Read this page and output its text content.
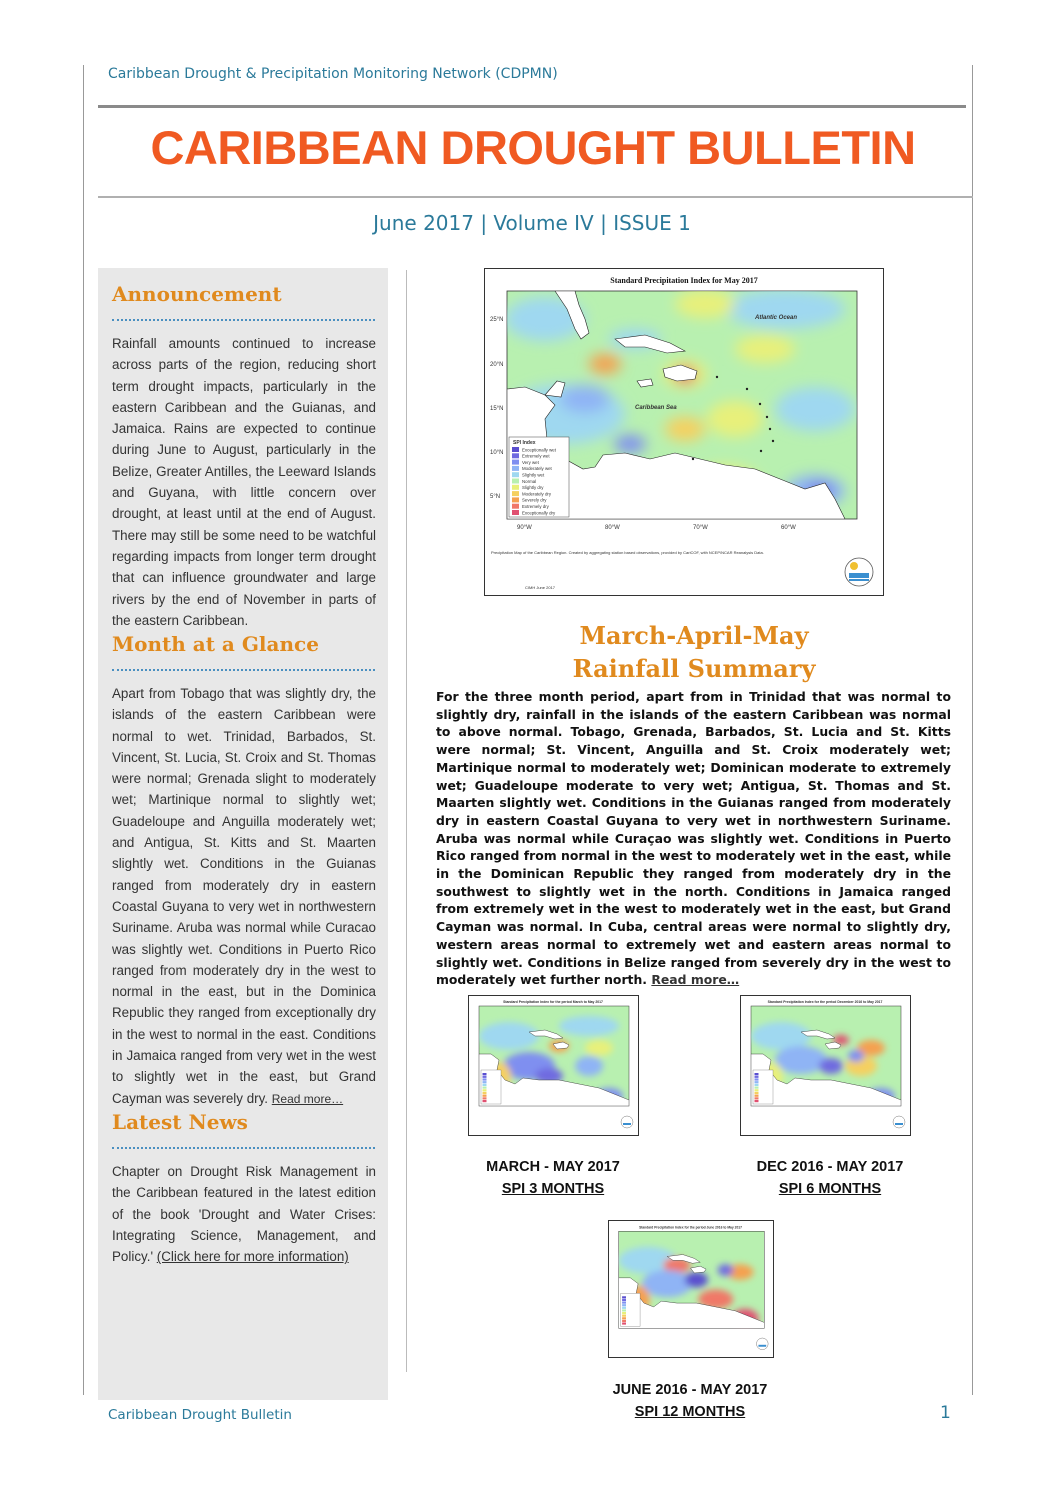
Caribbean Drought & Precipitation Monitoring Network (CDPMN)
CARIBBEAN DROUGHT BULLETIN
June 2017 | Volume IV | ISSUE 1
Announcement
Rainfall amounts continued to increase across parts of the region, reducing short term drought impacts, particularly in the eastern Caribbean and the Guianas, and Jamaica. Rains are expected to continue during June to August, particularly in the Belize, Greater Antilles, the Leeward Islands and Guyana, with little concern over drought, at least until at the end of August. There may still be some need to be watchful regarding impacts from longer term drought that can influence groundwater and large rivers by the end of November in parts of the eastern Caribbean.
Month at a Glance
Apart from Tobago that was slightly dry, the islands of the eastern Caribbean were normal to wet. Trinidad, Barbados, St. Vincent, St. Lucia, St. Croix and St. Thomas were normal; Grenada slight to moderately wet; Martinique normal to slightly wet; Guadeloupe and Anguilla moderately wet; and Antigua, St. Kitts and St. Maarten slightly wet. Conditions in the Guianas ranged from moderately dry in eastern Coastal Guyana to very wet in northwestern Suriname. Aruba was normal while Curacao was slightly wet. Conditions in Puerto Rico ranged from moderately dry in the west to normal in the east, but in the Dominica Republic they ranged from exceptionally dry in the west to normal in the east. Conditions in Jamaica ranged from very wet in the west to slightly wet in the east, but Grand Cayman was severely dry. Read more…
Latest News
Chapter on Drought Risk Management in the Caribbean featured in the latest edition of the book 'Drought and Water Crises: Integrating Science, Management, and Policy.' (Click here for more information)
Standard Precipitation Index for May 2017
25°N
20°N
15°N
10°N
5°N
90°W	80°W	70°W	60°W
Atlantic Ocean
Caribbean Sea
SPI Index
Exceptionally wet
Extremely wet
Very wet
Moderately wet
Slightly wet
Normal
Slightly dry
Moderately dry
Severely dry
Extremely dry
Exceptionally dry
Precipitation Map of the Caribbean Region. Created by aggregating station based observations, provided by CariCOF, with NCEP/NCAR Reanalysis Data.
CIMH June 2017
March-April-May
Rainfall Summary
For the three month period, apart from in Trinidad that was normal to slightly dry, rainfall in the islands of the eastern Caribbean was normal to above normal. Tobago, Grenada, Barbados, St. Lucia and St. Kitts were normal; St. Vincent, Anguilla and St. Croix moderately wet; Martinique normal to moderately wet; Dominican moderate to extremely wet; Guadeloupe moderate to very wet; Antigua, St. Thomas and St. Maarten slightly wet. Conditions in the Guianas ranged from moderately dry in eastern Coastal Guyana to very wet in northwestern Suriname. Aruba was normal while Curaçao was slightly wet. Conditions in Puerto Rico ranged from normal in the west to moderately wet in the east, while in the Dominican Republic they ranged from moderately dry in the southwest to slightly wet in the north. Conditions in Jamaica ranged from extremely wet in the west to moderately wet in the east, but Grand Cayman was normal. In Cuba, central areas were normal to slightly dry, western areas normal to extremely wet and eastern areas normal to slightly wet. Conditions in Belize ranged from severely dry in the west to moderately wet further north. Read more…
Standard Precipitation Index for the period March to May 2017
MARCH - MAY 2017
SPI 3 MONTHS
Standard Precipitation Index for the period December 2016 to May 2017
DEC 2016 - MAY 2017
SPI 6 MONTHS
Standard Precipitation Index for the period June 2016 to May 2017
JUNE 2016 - MAY 2017
SPI 12 MONTHS
Caribbean Drought Bulletin	1
